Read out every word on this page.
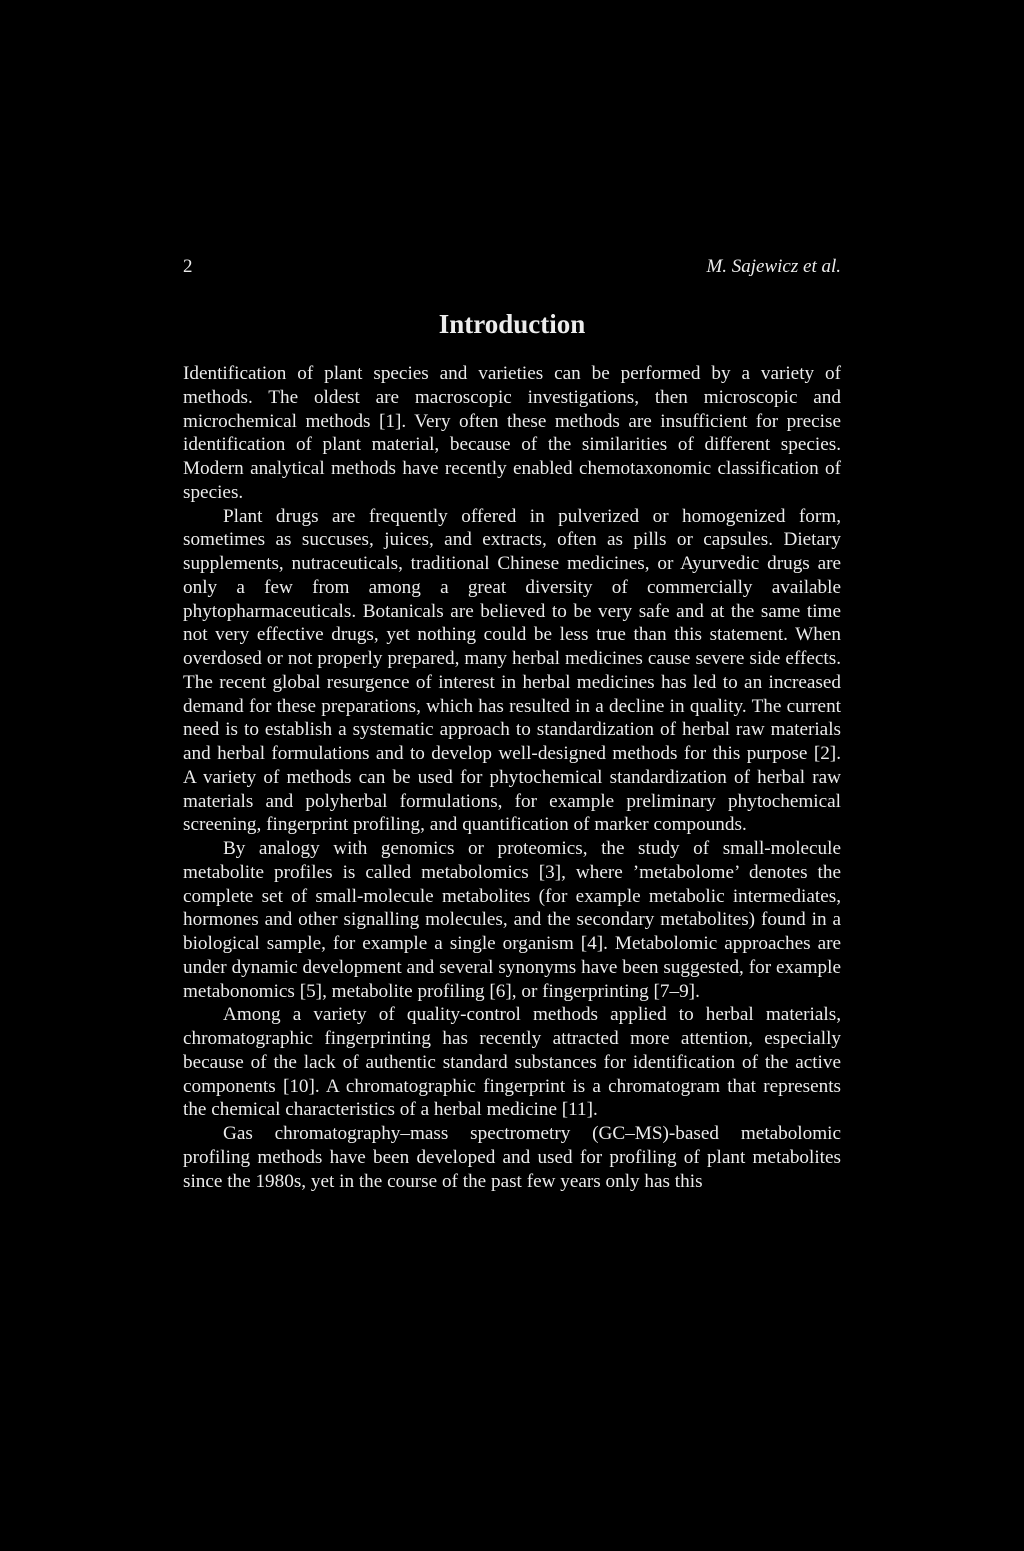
2	M. Sajewicz et al.
Introduction

Identification of plant species and varieties can be performed by a variety of methods. The oldest are macroscopic investigations, then microscopic and microchemical methods [1]. Very often these methods are insufficient for precise identification of plant material, because of the similarities of different species. Modern analytical methods have recently enabled chemotaxonomic classification of species.

Plant drugs are frequently offered in pulverized or homogenized form, sometimes as succuses, juices, and extracts, often as pills or capsules. Dietary supplements, nutraceuticals, traditional Chinese medicines, or Ayurvedic drugs are only a few from among a great diversity of commercially available phytopharmaceuticals. Botanicals are believed to be very safe and at the same time not very effective drugs, yet nothing could be less true than this statement. When overdosed or not properly prepared, many herbal medicines cause severe side effects. The recent global resurgence of interest in herbal medicines has led to an increased demand for these preparations, which has resulted in a decline in quality. The current need is to establish a systematic approach to standardization of herbal raw materials and herbal formulations and to develop well-designed methods for this purpose [2]. A variety of methods can be used for phytochemical standardization of herbal raw materials and polyherbal formulations, for example preliminary phytochemical screening, fingerprint profiling, and quantification of marker compounds.

By analogy with genomics or proteomics, the study of small-molecule metabolite profiles is called metabolomics [3], where ’metabolome’ denotes the complete set of small-molecule metabolites (for example metabolic intermediates, hormones and other signalling molecules, and the secondary metabolites) found in a biological sample, for example a single organism [4]. Metabolomic approaches are under dynamic development and several synonyms have been suggested, for example metabonomics [5], metabolite profiling [6], or fingerprinting [7–9].

Among a variety of quality-control methods applied to herbal materials, chromatographic fingerprinting has recently attracted more attention, especially because of the lack of authentic standard substances for identification of the active components [10]. A chromatographic fingerprint is a chromatogram that represents the chemical characteristics of a herbal medicine [11].

Gas chromatography–mass spectrometry (GC–MS)-based metabolomic profiling methods have been developed and used for profiling of plant metabolites since the 1980s, yet in the course of the past few years only has this
